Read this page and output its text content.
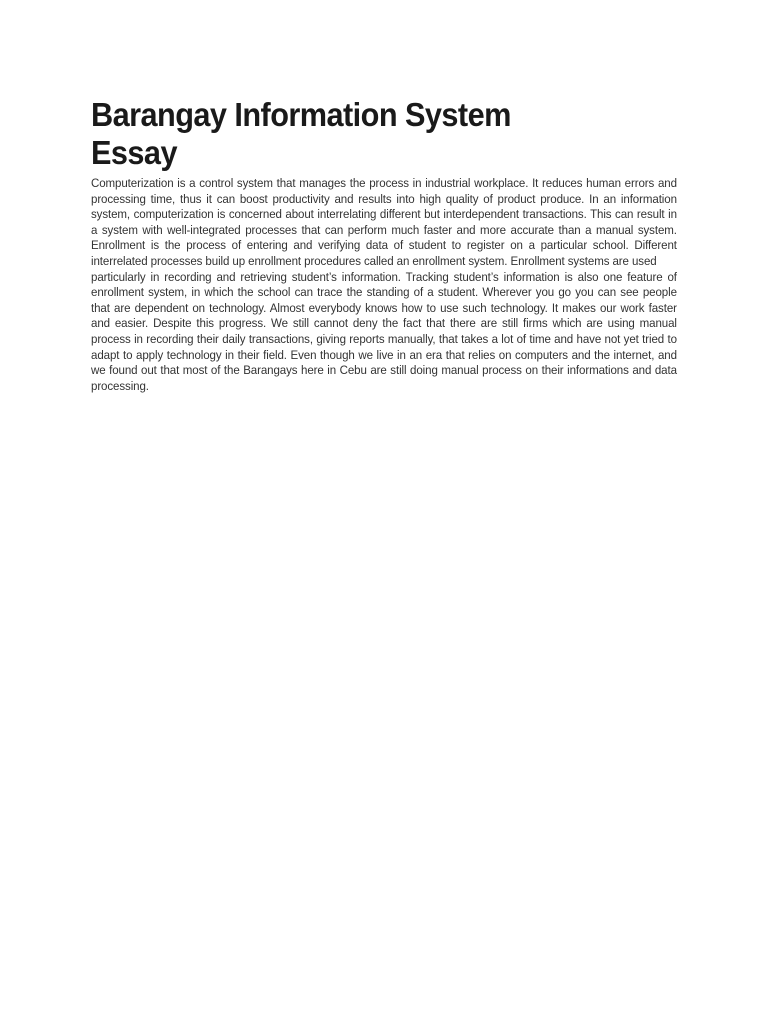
Barangay Information System
Essay
Computerization is a control system that manages the process in industrial workplace. It reduces human errors and processing time, thus it can boost productivity and results into high quality of product produce. In an information system, computerization is concerned about interrelating different but interdependent transactions. This can result in a system with well-integrated processes that can perform much faster and more accurate than a manual system. Enrollment is the process of entering and verifying data of student to register on a particular school. Different interrelated processes build up enrollment procedures called an enrollment system. Enrollment systems are used
particularly in recording and retrieving student’s information. Tracking student’s information is also one feature of enrollment system, in which the school can trace the standing of a student. Wherever you go you can see people that are dependent on technology. Almost everybody knows how to use such technology. It makes our work faster and easier. Despite this progress. We still cannot deny the fact that there are still firms which are using manual process in recording their daily transactions, giving reports manually, that takes a lot of time and have not yet tried to adapt to apply technology in their field. Even though we live in an era that relies on computers and the internet, and we found out that most of the Barangays here in Cebu are still doing manual process on their informations and data processing.
